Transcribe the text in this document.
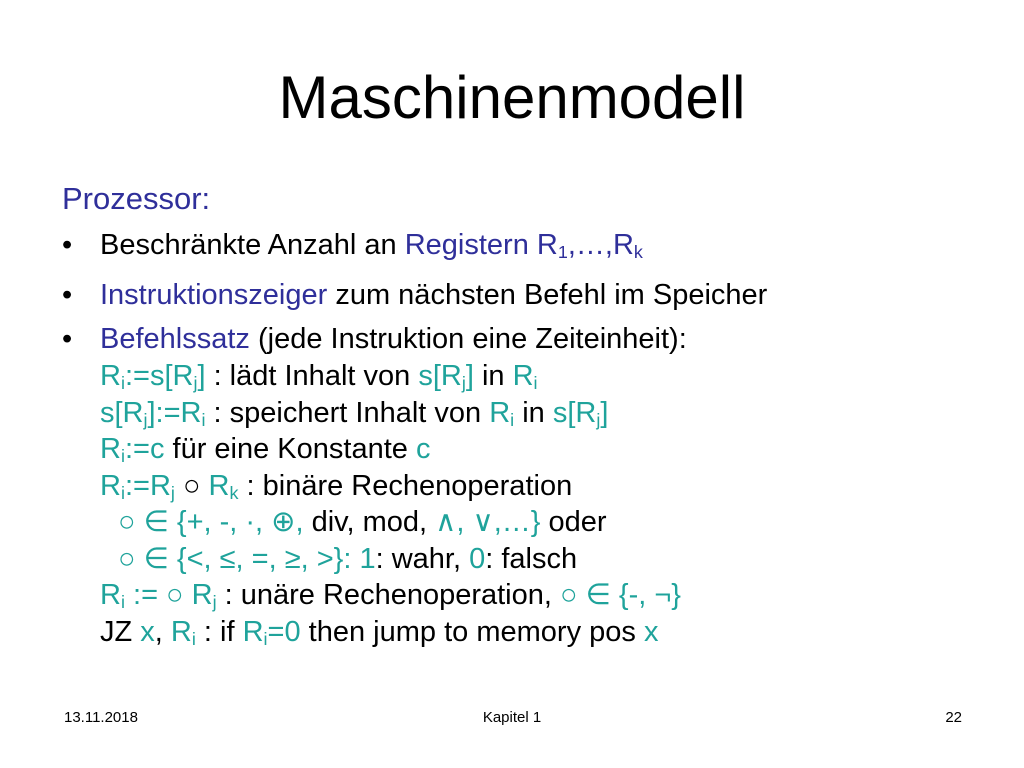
Maschinenmodell
Prozessor:
• Beschränkte Anzahl an Registern $R_1,\dots,R_k$
• Instruktionszeiger zum nächsten Befehl im Speicher
• Befehlssatz (jede Instruktion eine Zeiteinheit):
$R_i:=s[R_j]$ : lädt Inhalt von $s[R_j]$ in $R_i$
$s[R_j]:=R_i$ : speichert Inhalt von $R_i$ in $s[R_j]$
$R_i:=c$ für eine Konstante c
$R_i:=R_j$ ○ $R_k$ : binäre Rechenoperation
○ ∈ {+, -, ·, ⊕, div, mod, ∧, ∨,…} oder
○ ∈ {<, ≤, =, ≥, >}: 1: wahr, 0: falsch
$R_i$ := ○ $R_j$ : unäre Rechenoperation, ○ ∈ {-, ¬}
JZ x, $R_i$ : if $R_i=0$ then jump to memory pos x
13.11.2018	Kapitel 1	22
